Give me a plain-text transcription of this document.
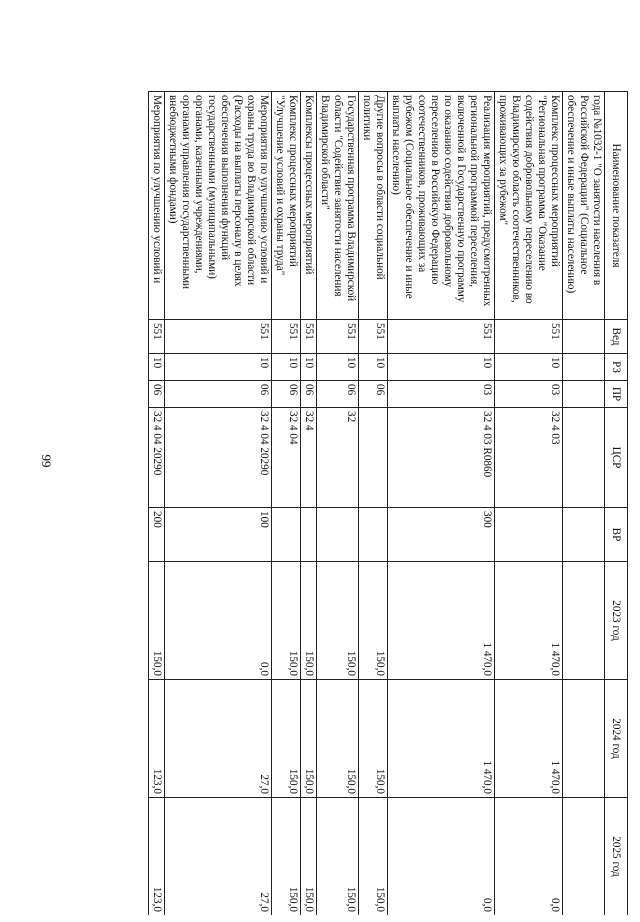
99
Наименование показателя	Вед	РЗ	ПР	ЦСР	ВР	2023 год	2024 год	2025 год
года №1032-1 "О занятости населения в Российской Федерации" (Социальное обеспечение и иные выплаты населению)								
Комплекс процессных мероприятий "Региональная программа "Оказание содействия добровольному переселению во Владимирскую область соотечественников, проживающих за рубежом"	551	10	03	32 4 03		1 470,0	1 470,0	0,0
Реализация мероприятий, предусмотренных региональной программой переселения, включенной в Государственную программу по оказанию содействия добровольному переселению в Российскую Федерацию соотечественников, проживающих за рубежом (Социальное обеспечение и иные выплаты населению)	551	10	03	32 4 03 R0860	300	1 470,0	1 470,0	0,0
Другие вопросы в области социальной политики	551	10	06			150,0	150,0	150,0
Государственная программа Владимирской области "Содействие занятости населения Владимирской области"	551	10	06	32		150,0	150,0	150,0
Комплексы процессных мероприятий	551	10	06	32 4		150,0	150,0	150,0
Комплекс процессных мероприятий "Улучшение условий и охраны труда"	551	10	06	32 4 04		150,0	150,0	150,0
Мероприятия по улучшению условий и охраны труда во Владимирской области (Расходы на выплаты персоналу в целях обеспечения выполнения функций государственными (муниципальными) органами, казенными учреждениями, органами управления государственными внебюджетными фондами)	551	10	06	32 4 04 20290	100	0,0	27,0	27,0
Мероприятия по улучшению условий и	551	10	06	32 4 04 20290	200	150,0	123,0	123,0
